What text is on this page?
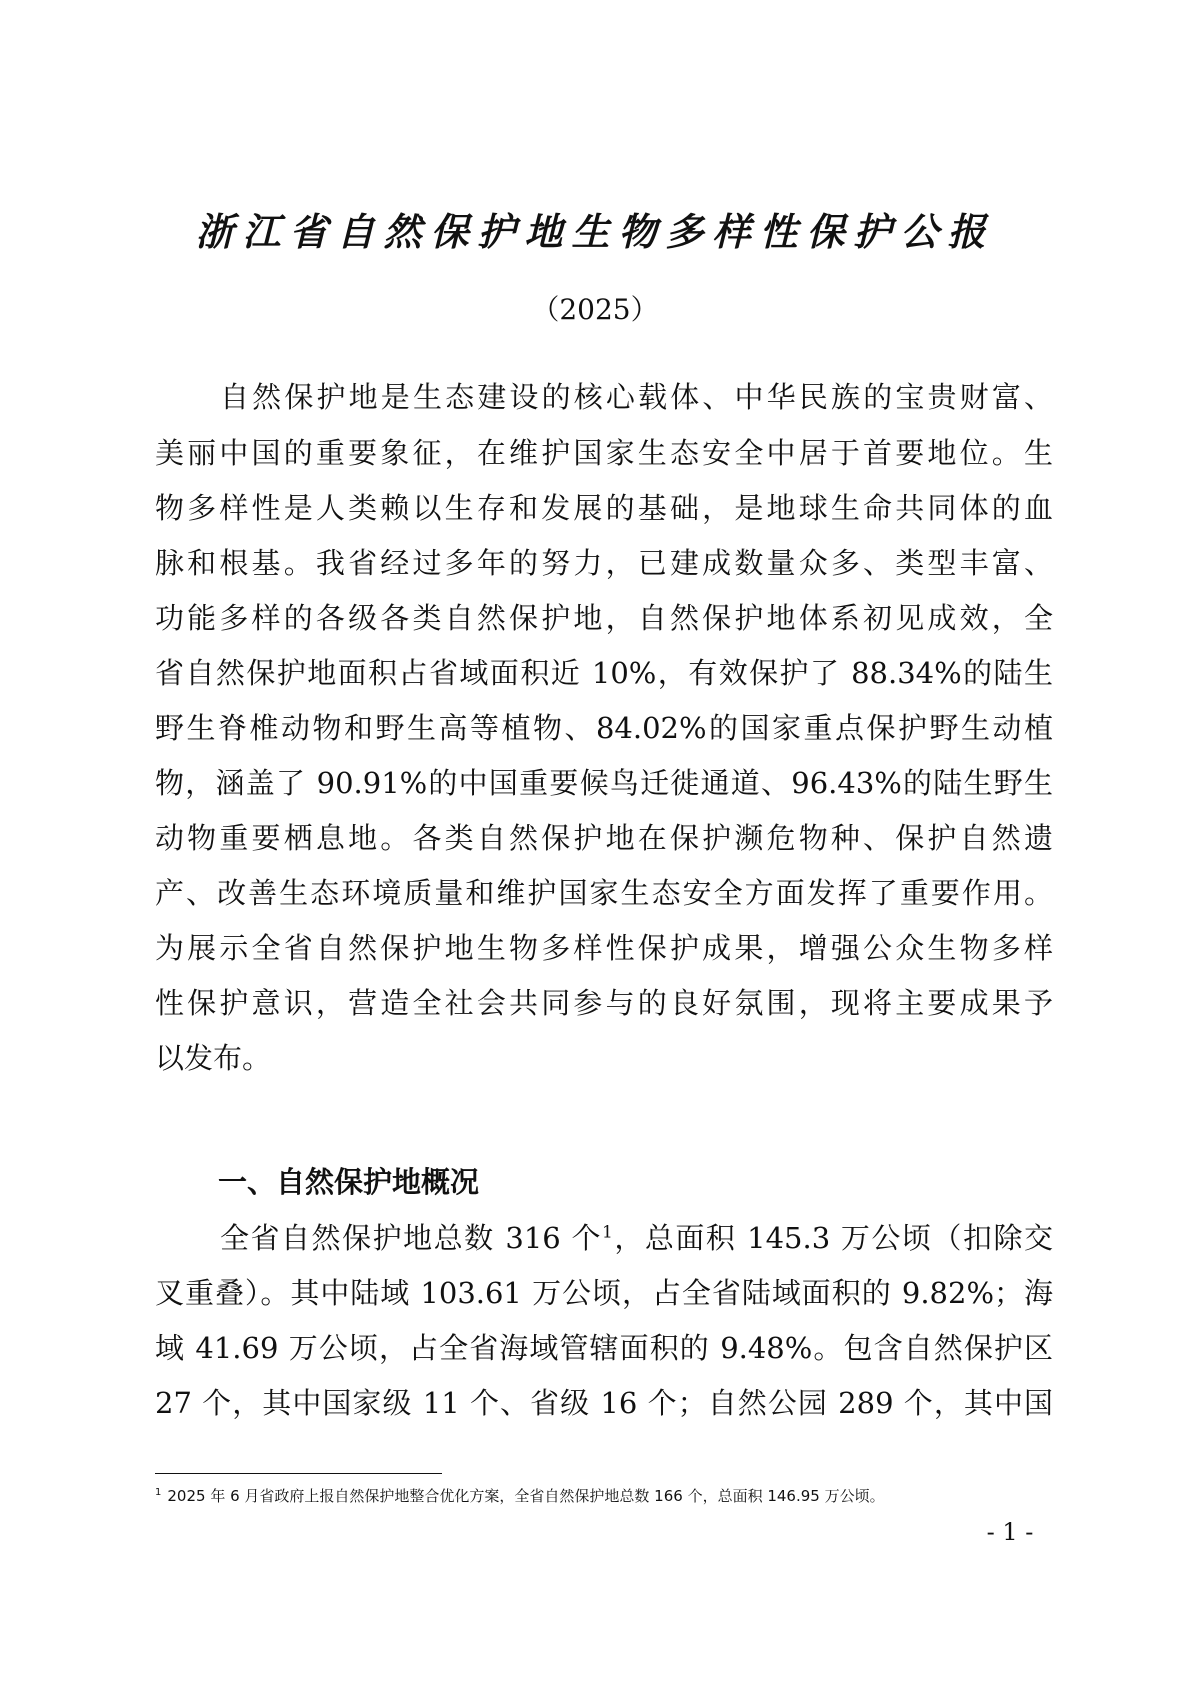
浙江省自然保护地生物多样性保护公报
（2025）
自然保护地是生态建设的核心载体、中华民族的宝贵财富、
美丽中国的重要象征，在维护国家生态安全中居于首要地位。生
物多样性是人类赖以生存和发展的基础，是地球生命共同体的血
脉和根基。我省经过多年的努力，已建成数量众多、类型丰富、
功能多样的各级各类自然保护地，自然保护地体系初见成效，全
省自然保护地面积占省域面积近 10%，有效保护了 88.34%的陆生
野生脊椎动物和野生高等植物、84.02%的国家重点保护野生动植
物，涵盖了 90.91%的中国重要候鸟迁徙通道、96.43%的陆生野生
动物重要栖息地。各类自然保护地在保护濒危物种、保护自然遗
产、改善生态环境质量和维护国家生态安全方面发挥了重要作用。
为展示全省自然保护地生物多样性保护成果，增强公众生物多样
性保护意识，营造全社会共同参与的良好氛围，现将主要成果予
以发布。
一、自然保护地概况
全省自然保护地总数 316 个$^1$，总面积 145.3 万公顷（扣除交
叉重叠）。其中陆域 103.61 万公顷，占全省陆域面积的 9.82%；海
域 41.69 万公顷，占全省海域管辖面积的 9.48%。包含自然保护区
27 个，其中国家级 11 个、省级 16 个；自然公园 289 个，其中国
$^1$ 2025 年 6 月省政府上报自然保护地整合优化方案，全省自然保护地总数 166 个，总面积 146.95 万公顷。
- 1 -
